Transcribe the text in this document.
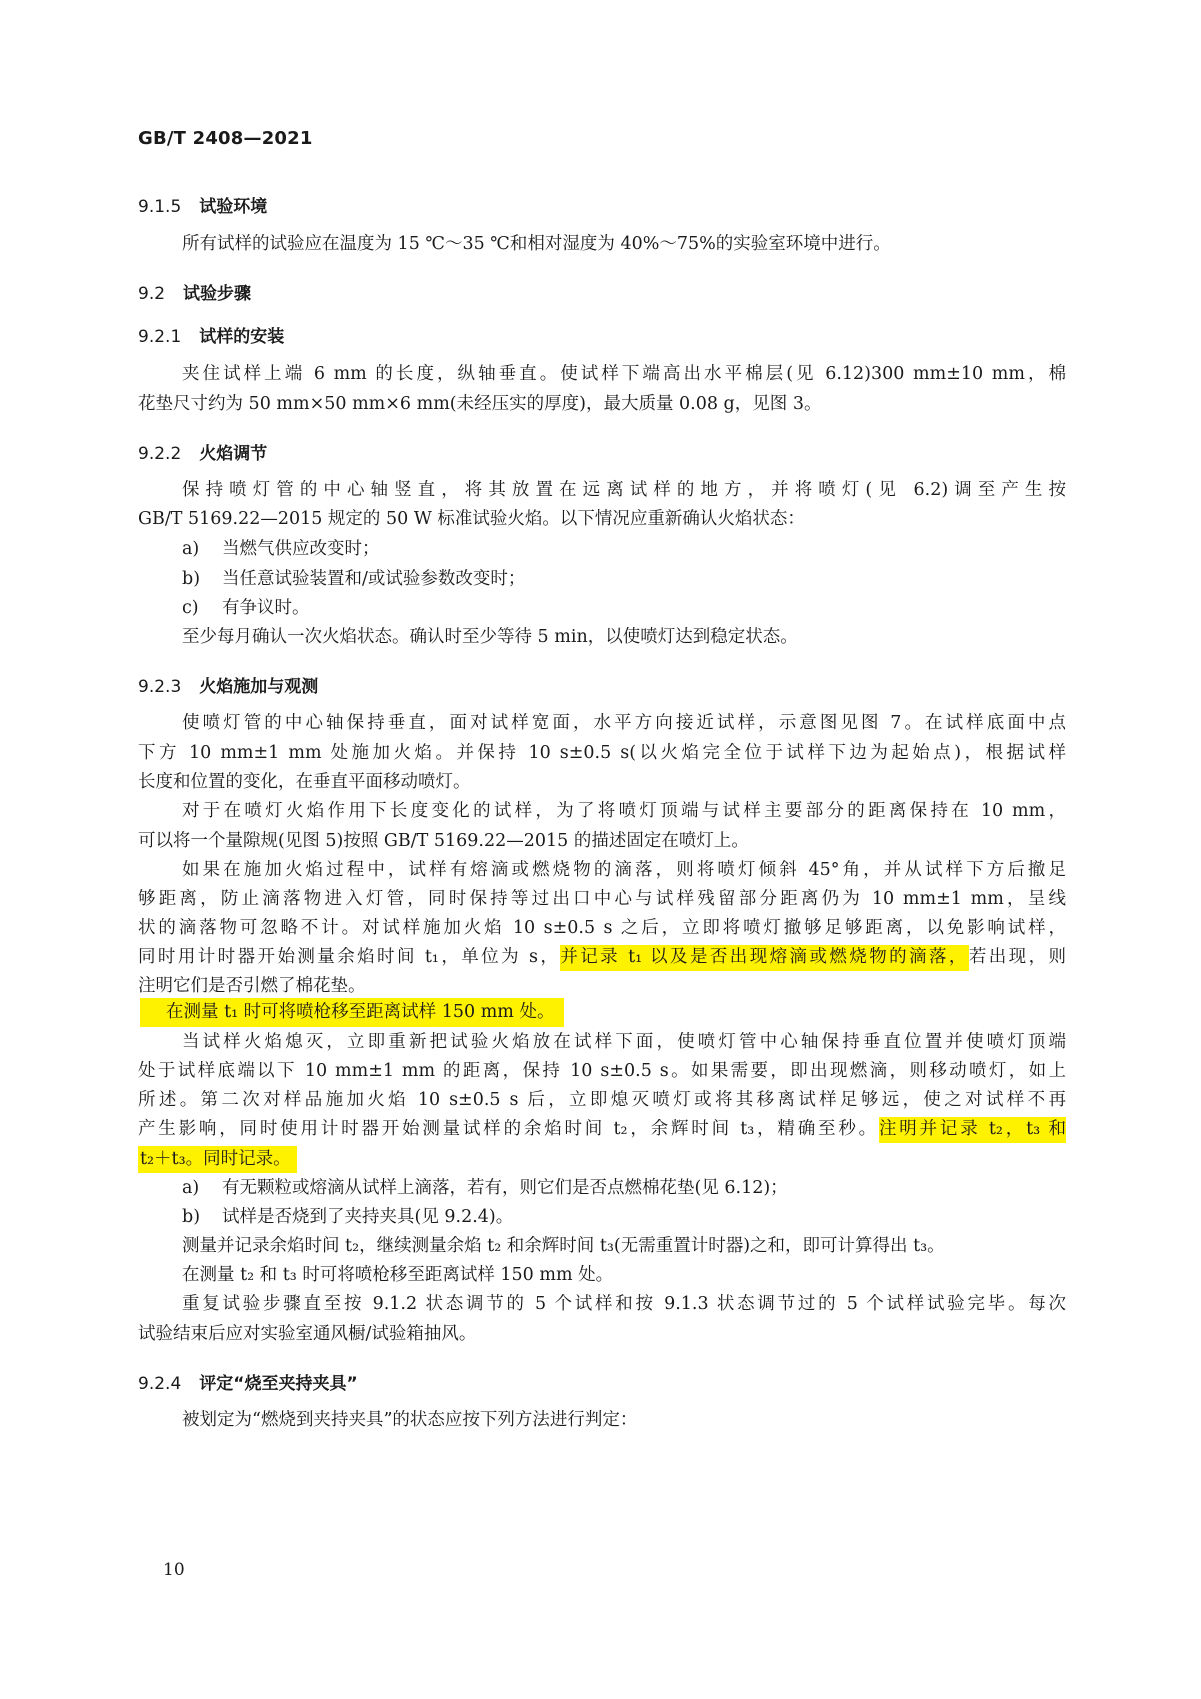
GB/T 2408—2021
9.1.5 试验环境
所有试样的试验应在温度为 15 ℃～35 ℃和相对湿度为 40%～75%的实验室环境中进行。
9.2 试验步骤
9.2.1 试样的安装
夹住试样上端 6 mm 的长度，纵轴垂直。使试样下端高出水平棉层(见 6.12)300 mm±10 mm，棉
花垫尺寸约为 50 mm×50 mm×6 mm(未经压实的厚度)，最大质量 0.08 g，见图 3。
9.2.2 火焰调节
保持喷灯管的中心轴竖直，将其放置在远离试样的地方，并将喷灯(见 6.2)调至产生按
GB/T 5169.22—2015 规定的 50 W 标准试验火焰。以下情况应重新确认火焰状态：
a) 当燃气供应改变时；
b) 当任意试验装置和/或试验参数改变时；
c) 有争议时。
至少每月确认一次火焰状态。确认时至少等待 5 min，以使喷灯达到稳定状态。
9.2.3 火焰施加与观测
使喷灯管的中心轴保持垂直，面对试样宽面，水平方向接近试样，示意图见图 7。在试样底面中点
下方 10 mm±1 mm 处施加火焰。并保持 10 s±0.5 s(以火焰完全位于试样下边为起始点)，根据试样
长度和位置的变化，在垂直平面移动喷灯。
对于在喷灯火焰作用下长度变化的试样，为了将喷灯顶端与试样主要部分的距离保持在 10 mm，
可以将一个量隙规(见图 5)按照 GB/T 5169.22—2015 的描述固定在喷灯上。
如果在施加火焰过程中，试样有熔滴或燃烧物的滴落，则将喷灯倾斜 45°角，并从试样下方后撤足
够距离，防止滴落物进入灯管，同时保持等过出口中心与试样残留部分距离仍为 10 mm±1 mm，呈线
状的滴落物可忽略不计。对试样施加火焰 10 s±0.5 s 之后，立即将喷灯撤够足够距离，以免影响试样，
同时用计时器开始测量余焰时间 t₁，单位为 s，并记录 t₁ 以及是否出现熔滴或燃烧物的滴落，若出现，则
注明它们是否引燃了棉花垫。
在测量 t₁ 时可将喷枪移至距离试样 150 mm 处。
当试样火焰熄灭，立即重新把试验火焰放在试样下面，使喷灯管中心轴保持垂直位置并使喷灯顶端
处于试样底端以下 10 mm±1 mm 的距离，保持 10 s±0.5 s。如果需要，即出现燃滴，则移动喷灯，如上
所述。第二次对样品施加火焰 10 s±0.5 s 后，立即熄灭喷灯或将其移离试样足够远，使之对试样不再
产生影响，同时使用计时器开始测量试样的余焰时间 t₂，余辉时间 t₃，精确至秒。注明并记录 t₂，t₃ 和
t₂＋t₃。同时记录。
a) 有无颗粒或熔滴从试样上滴落，若有，则它们是否点燃棉花垫(见 6.12)；
b) 试样是否烧到了夹持夹具(见 9.2.4)。
测量并记录余焰时间 t₂，继续测量余焰 t₂ 和余辉时间 t₃(无需重置计时器)之和，即可计算得出 t₃。
在测量 t₂ 和 t₃ 时可将喷枪移至距离试样 150 mm 处。
重复试验步骤直至按 9.1.2 状态调节的 5 个试样和按 9.1.3 状态调节过的 5 个试样试验完毕。每次
试验结束后应对实验室通风橱/试验箱抽风。
9.2.4 评定“烧至夹持夹具”
被划定为“燃烧到夹持夹具”的状态应按下列方法进行判定：
10
